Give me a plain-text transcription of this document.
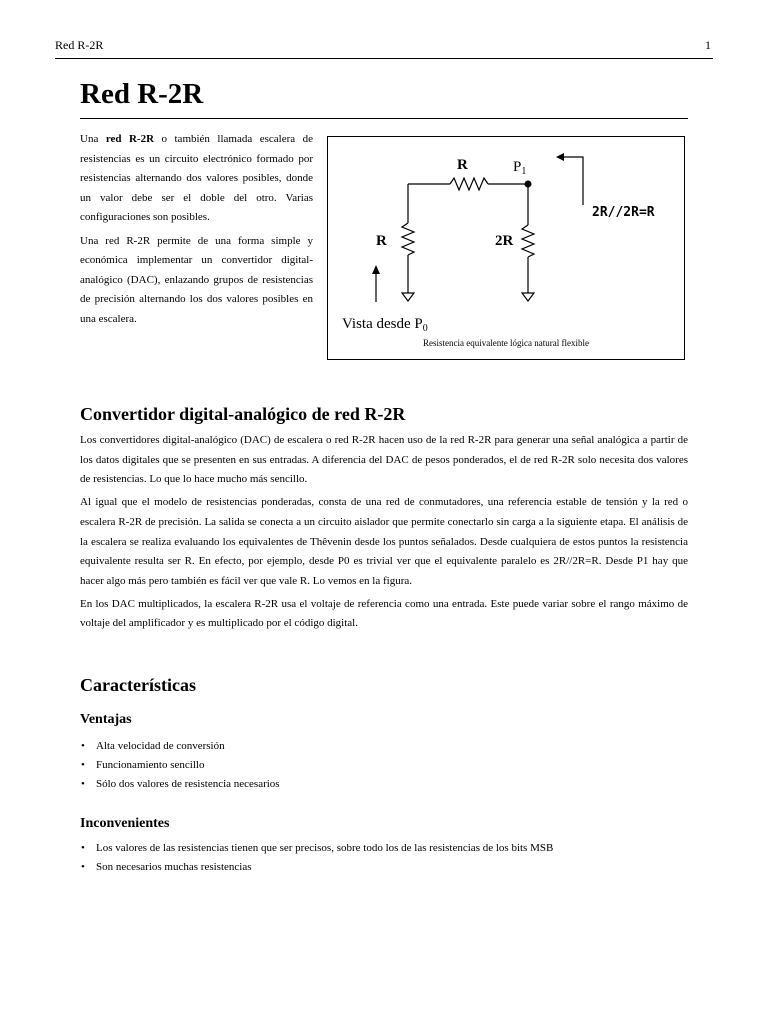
Red R-2R	1
Red R-2R

Una red R-2R o también llamada escalera de resistencias es un circuito electrónico formado por resistencias alternando dos valores posibles, donde un valor debe ser el doble del otro. Varias configuraciones son posibles.

Una red R-2R permite de una forma simple y económica implementar un convertidor digital-analógico (DAC), enlazando grupos de resistencias de precisión alternando los dos valores posibles en una escalera.

R	$P_1$
2R//2R=R
R	2R
Vista desde $P_0$
Resistencia equivalente lógica natural flexible
Convertidor digital-analógico de red R-2R

Los convertidores digital-analógico (DAC) de escalera o red R-2R hacen uso de la red R-2R para generar una señal analógica a partir de los datos digitales que se presenten en sus entradas. A diferencia del DAC de pesos ponderados, el de red R-2R solo necesita dos valores de resistencias. Lo que lo hace mucho más sencillo.

Al igual que el modelo de resistencias ponderadas, consta de una red de conmutadores, una referencia estable de tensión y la red o escalera R-2R de precisión. La salida se conecta a un circuito aislador que permite conectarlo sin carga a la siguiente etapa. El análisis de la escalera se realiza evaluando los equivalentes de Thêvenin desde los puntos señalados. Desde cualquiera de estos puntos la resistencia equivalente resulta ser R. En efecto, por ejemplo, desde P0 es trivial ver que el equivalente paralelo es 2R//2R=R. Desde P1 hay que hacer algo más pero también es fácil ver que vale R. Lo vemos en la figura.

En los DAC multiplicados, la escalera R-2R usa el voltaje de referencia como una entrada. Este puede variar sobre el rango máximo de voltaje del amplificador y es multiplicado por el código digital.

Características
Ventajas
• Alta velocidad de conversión
• Funcionamiento sencillo
• Sólo dos valores de resistencia necesarios
Inconvenientes
• Los valores de las resistencias tienen que ser precisos, sobre todo los de las resistencias de los bits MSB
• Son necesarios muchas resistencias
